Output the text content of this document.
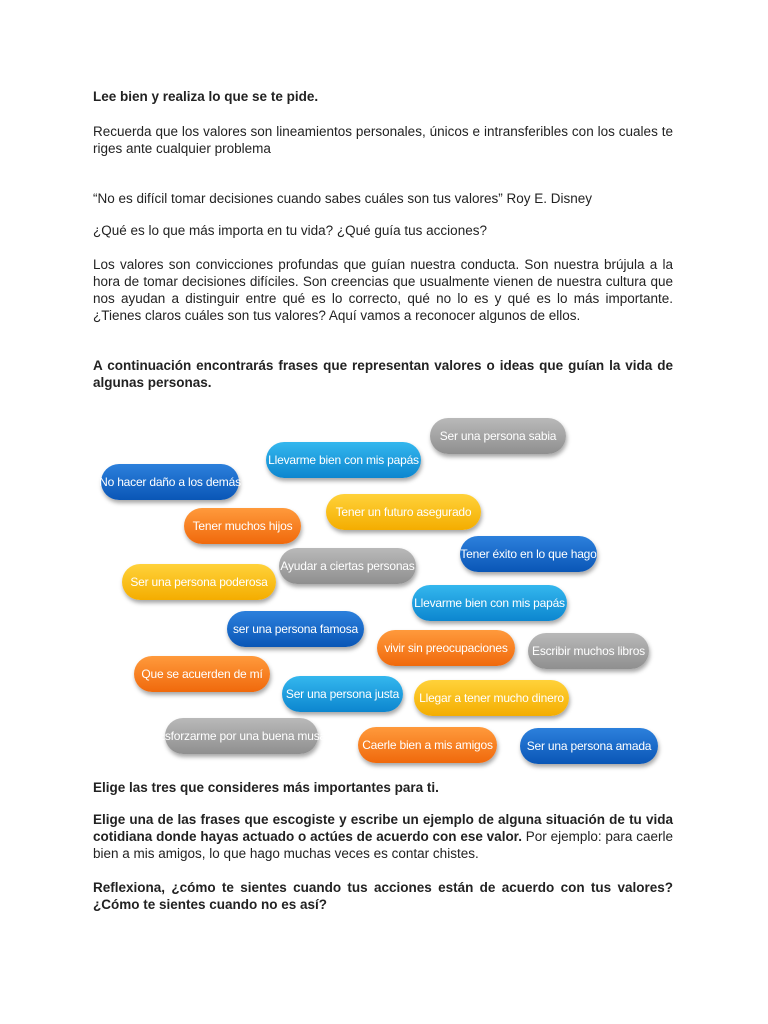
Lee bien y realiza lo que se te pide.

Recuerda que los valores son lineamientos personales, únicos e intransferibles con los cuales te riges ante cualquier problema

“No es difícil tomar decisiones cuando sabes cuáles son tus valores” Roy E. Disney

¿Qué es lo que más importa en tu vida? ¿Qué guía tus acciones?

Los valores son convicciones profundas que guían nuestra conducta. Son nuestra brújula a la hora de tomar decisiones difíciles. Son creencias que usualmente vienen de nuestra cultura que nos ayudan a distinguir entre qué es lo correcto, qué no lo es y qué es lo más importante. ¿Tienes claros cuáles son tus valores? Aquí vamos a reconocer algunos de ellos.

A continuación encontrarás frases que representan valores o ideas que guían la vida de algunas personas.

Ser una persona sabia
Llevarme bien con mis papás
No hacer daño a los demás
Tener muchos hijos
Tener un futuro asegurado
Tener éxito en lo que hago
Ayudar a ciertas personas
Ser una persona poderosa
Llevarme bien con mis papás
ser una persona famosa
vivir sin preocupaciones	Escribir muchos libros
Que se acuerden de mí
Ser una persona justa	Llegar a tener mucho dinero
Esforzarme por una buena musa
Caerle bien a mis amigos	Ser una persona amada

Elige las tres que consideres más importantes para ti.

Elige una de las frases que escogiste y escribe un ejemplo de alguna situación de tu vida cotidiana donde hayas actuado o actúes de acuerdo con ese valor. Por ejemplo: para caerle bien a mis amigos, lo que hago muchas veces es contar chistes.

Reflexiona, ¿cómo te sientes cuando tus acciones están de acuerdo con tus valores? ¿Cómo te sientes cuando no es así?
